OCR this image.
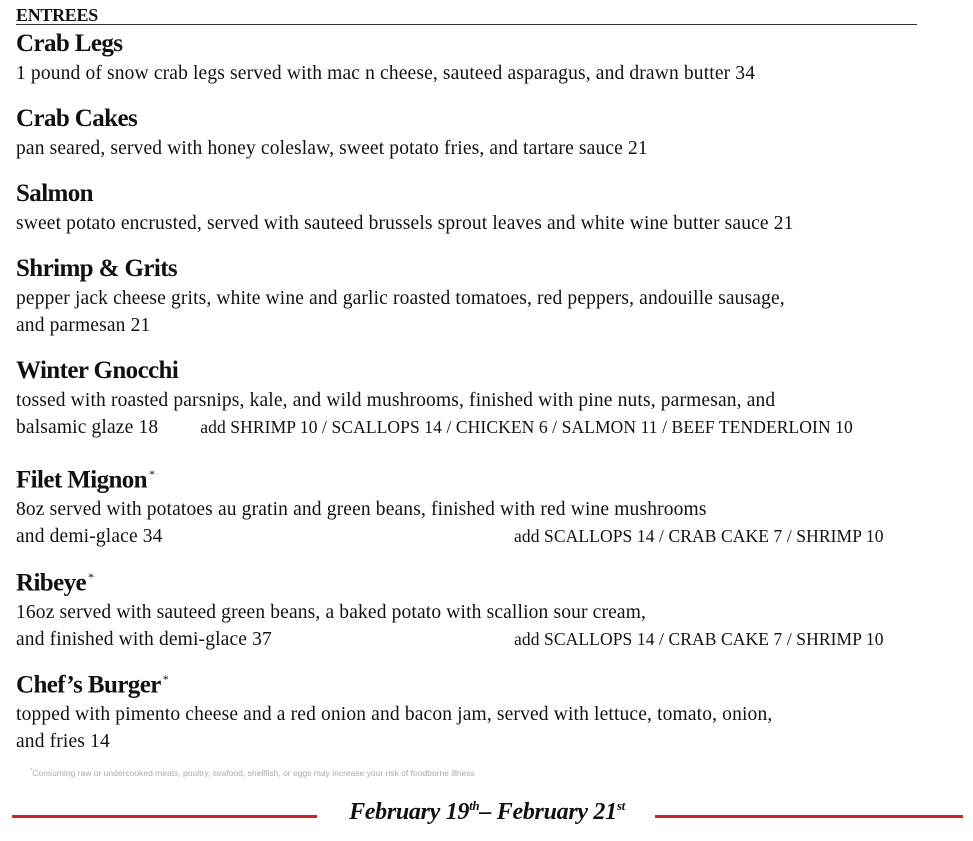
ENTREES
Crab Legs
1 pound of snow crab legs served with mac n cheese, sauteed asparagus, and drawn butter 34
Crab Cakes
pan seared, served with honey coleslaw, sweet potato fries, and tartare sauce 21
Salmon
sweet potato encrusted, served with sauteed brussels sprout leaves and white wine butter sauce 21
Shrimp & Grits
pepper jack cheese grits, white wine and garlic roasted tomatoes, red peppers, andouille sausage,
and parmesan 21
Winter Gnocchi
tossed with roasted parsnips, kale, and wild mushrooms, finished with pine nuts, parmesan, and
balsamic glaze 18 add SHRIMP 10 / SCALLOPS 14 / CHICKEN 6 / SALMON 11 / BEEF TENDERLOIN 10
Filet Mignon *
8oz served with potatoes au gratin and green beans, finished with red wine mushrooms
and demi-glace 34	add SCALLOPS 14 / CRAB CAKE 7 / SHRIMP 10
Ribeye *
16oz served with sauteed green beans, a baked potato with scallion sour cream,
and finished with demi-glace 37	add SCALLOPS 14 / CRAB CAKE 7 / SHRIMP 10
Chef’s Burger *
topped with pimento cheese and a red onion and bacon jam, served with lettuce, tomato, onion,
and fries 14
*Consuming raw or undercooked meats, poultry, seafood, shellfish, or eggs may increase your risk of foodborne illness
February 19th– February 21st
